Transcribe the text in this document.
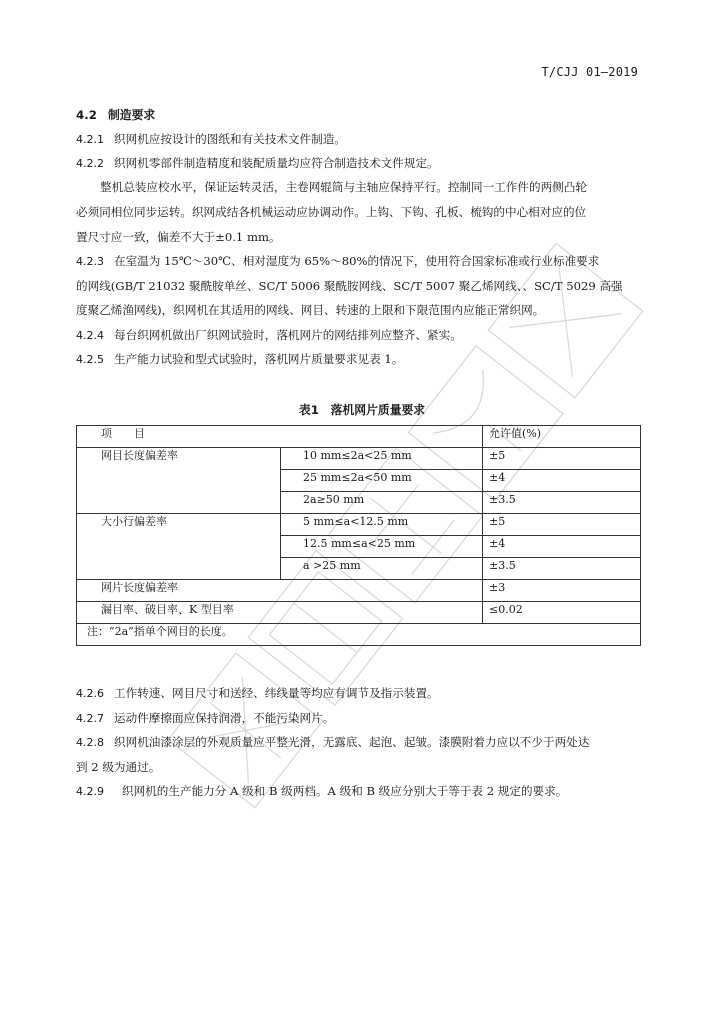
T/CJJ 01—2019
4.2 制造要求
4.2.1 织网机应按设计的图纸和有关技术文件制造。
4.2.2 织网机零部件制造精度和装配质量均应符合制造技术文件规定。
整机总装应校水平，保证运转灵活，主卷网辊筒与主轴应保持平行。控制同一工作件的两侧凸轮
必须同相位同步运转。织网成结各机械运动应协调动作。上钩、下钩、孔板、梳钩的中心相对应的位
置尺寸应一致，偏差不大于±0.1 mm。
4.2.3 在室温为 15℃～30℃、相对湿度为 65%～80%的情况下，使用符合国家标准或行业标准要求
的网线(GB/T 21032 聚酰胺单丝、SC/T 5006 聚酰胺网线、SC/T 5007 聚乙烯网线、、SC/T 5029 高强
度聚乙烯渔网线)，织网机在其适用的网线、网目、转速的上限和下限范围内应能正常织网。
4.2.4 每台织网机做出厂织网试验时，落机网片的网结排列应整齐、紧实。
4.2.5 生产能力试验和型式试验时，落机网片质量要求见表 1。
表1　落机网片质量要求
项　　目		允许值(%)
网目长度偏差率	10 mm≤2a<25 mm	±5
	25 mm≤2a<50 mm	±4
	2a≥50 mm	±3.5
大小行偏差率	5 mm≤a<12.5 mm	±5
	12.5 mm≤a<25 mm	±4
	a >25 mm	±3.5
网片长度偏差率		±3
漏目率、破目率、K 型目率		≤0.02
注：“2a”指单个网目的长度。		
4.2.6 工作转速、网目尺寸和送经、纬线量等均应有调节及指示装置。
4.2.7 运动件摩擦面应保持润滑，不能污染网片。
4.2.8 织网机油漆涂层的外观质量应平整光滑，无露底、起泡、起皱。漆膜附着力应以不少于两处达
到 2 级为通过。
4.2.9 织网机的生产能力分 A 级和 B 级两档。A 级和 B 级应分别大于等于表 2 规定的要求。
